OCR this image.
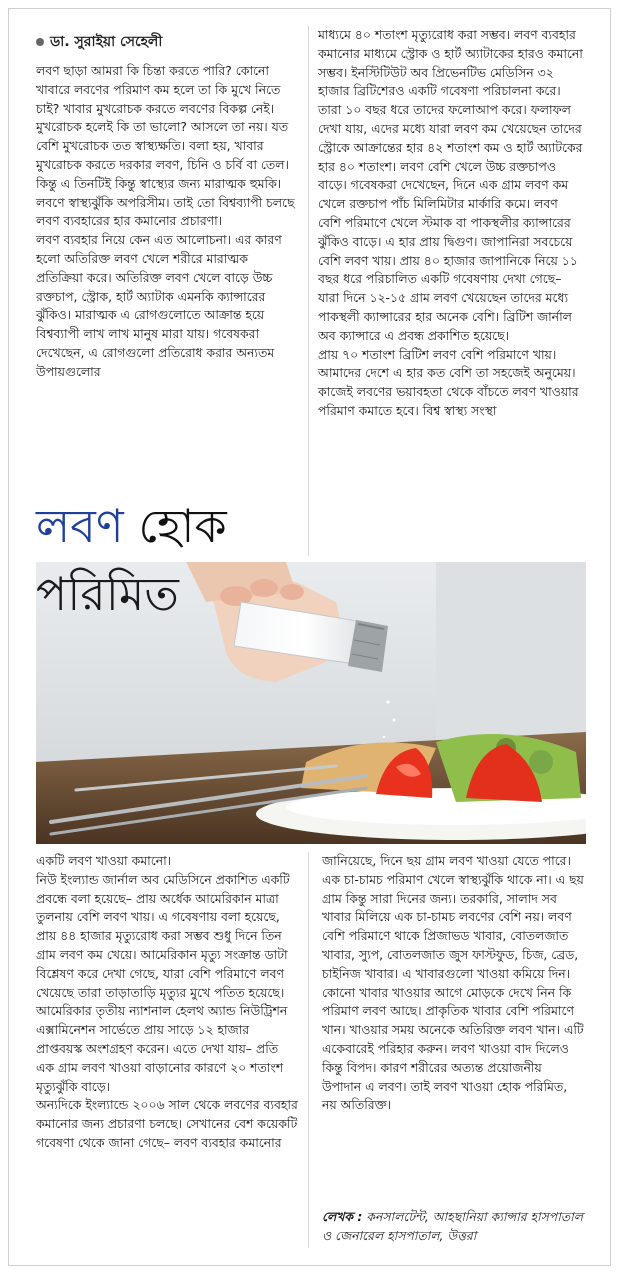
ডা. সুরাইয়া সেহেলী

লবণ ছাড়া আমরা কি চিন্তা করতে পারি? কোনো খাবারে লবণের পরিমাণ কম হলে তা কি মুখে নিতে চাই? খাবার মুখরোচক করতে লবণের বিকল্প নেই। মুখরোচক হলেই কি তা ভালো? আসলে তা নয়। যত বেশি মুখরোচক তত স্বাস্থ্যক্ষতি। বলা হয়, খাবার মুখরোচক করতে দরকার লবণ, চিনি ও চর্বি বা তেল। কিন্তু এ তিনটিই কিন্তু স্বাস্থ্যের জন্য মারাত্মক হুমকি।

লবণে স্বাস্থ্যঝুঁকি অপরিসীম। তাই তো বিশ্বব্যাপী চলছে লবণ ব্যবহারের হার কমানোর প্রচারণা।

লবণ ব্যবহার নিয়ে কেন এত আলোচনা। এর কারণ হলো অতিরিক্ত লবণ খেলে শরীরে মারাত্মক প্রতিক্রিয়া করে। অতিরিক্ত লবণ খেলে বাড়ে উচ্চ রক্তচাপ, স্ট্রোক, হার্ট অ্যাটাক এমনকি ক্যান্সারের ঝুঁকিও। মারাত্মক এ রোগগুলোতে আক্রান্ত হয়ে বিশ্বব্যাপী লাখ লাখ মানুষ মারা যায়। গবেষকরা দেখেছেন, এ রোগগুলো প্রতিরোধ করার অন্যতম উপায়গুলোর

মাধ্যমে ৪০ শতাংশ মৃত্যুরোধ করা সম্ভব। লবণ ব্যবহার কমানোর মাধ্যমে স্ট্রোক ও হার্ট অ্যাটাকের হারও কমানো সম্ভব। ইনস্টিটিউট অব প্রিভেনটিভ মেডিসিন ৩২ হাজার ব্রিটিশেরও একটি গবেষণা পরিচালনা করে। তারা ১০ বছর ধরে তাদের ফলোআপ করে। ফলাফল দেখা যায়, এদের মধ্যে যারা লবণ কম খেয়েছেন তাদের স্ট্রোকে আক্রান্তের হার ৪২ শতাংশ কম ও হার্ট অ্যাটকের হার ৪০ শতাংশ। লবণ বেশি খেলে উচ্চ রক্তচাপও বাড়ে। গবেষকরা দেখেছেন, দিনে এক গ্রাম লবণ কম খেলে রক্তচাপ পাঁচ মিলিমিটার মার্কারি কমে। লবণ বেশি পরিমাণে খেলে স্টমাক বা পাকস্থলীর ক্যান্সারের ঝুঁকিও বাড়ে। এ হার প্রায় দ্বিগুণ। জাপানিরা সবচেয়ে বেশি লবণ খায়। প্রায় ৪০ হাজার জাপানিকে নিয়ে ১১ বছর ধরে পরিচালিত একটি গবেষণায় দেখা গেছে– যারা দিনে ১২-১৫ গ্রাম লবণ খেয়েছেন তাদের মধ্যে পাকস্থলী ক্যান্সারের হার অনেক বেশি। ব্রিটিশ জার্নাল অব ক্যান্সারে এ প্রবন্ধ প্রকাশিত হয়েছে।

প্রায় ৭০ শতাংশ ব্রিটিশ লবণ বেশি পরিমাণে খায়। আমাদের দেশে এ হার কত বেশি তা সহজেই অনুমেয়। কাজেই লবণের ভয়াবহতা থেকে বাঁচতে লবণ খাওয়ার পরিমাণ কমাতে হবে। বিশ্ব স্বাস্থ্য সংস্থা

লবণ হোক
পরিমিত

একটি লবণ খাওয়া কমানো।

নিউ ইংল্যান্ড জার্নাল অব মেডিসিনে প্রকাশিত একটি প্রবন্ধে বলা হয়েছে– প্রায় অর্ধেক আমেরিকান মাত্রা তুলনায় বেশি লবণ খায়। এ গবেষণায় বলা হয়েছে, প্রায় ৪৪ হাজার মৃত্যুরোধ করা সম্ভব শুধু দিনে তিন গ্রাম লবণ কম খেয়ে। আমেরিকান মৃত্যু সংক্রান্ত ডাটা বিশ্লেষণ করে দেখা গেছে, যারা বেশি পরিমাণে লবণ খেয়েছে তারা তাড়াতাড়ি মৃত্যুর মুখে পতিত হয়েছে। আমেরিকার তৃতীয় ন্যাশনাল হেলথ অ্যান্ড নিউট্রিশন এক্সামিনেশন সার্ভেতে প্রায় সাড়ে ১২ হাজার প্রাপ্তবয়স্ক অংশগ্রহণ করেন। এতে দেখা যায়– প্রতি এক গ্রাম লবণ খাওয়া বাড়ানোর কারণে ২০ শতাংশ মৃত্যুঝুঁকি বাড়ে।

অন্যদিকে ইংল্যান্ডে ২০০৬ সাল থেকে লবণের ব্যবহার কমানোর জন্য প্রচারণা চলছে। সেখানের বেশ কয়েকটি গবেষণা থেকে জানা গেছে– লবণ ব্যবহার কমানোর

জানিয়েছে, দিনে ছয় গ্রাম লবণ খাওয়া যেতে পারে। এক চা-চামচ পরিমাণ খেলে স্বাস্থ্যঝুঁকি থাকে না। এ ছয় গ্রাম কিন্তু সারা দিনের জন্য। তরকারি, সালাদ সব খাবার মিলিয়ে এক চা-চামচ লবণের বেশি নয়। লবণ বেশি পরিমাণে থাকে প্রিজাভড খাবার, বোতলজাত খাবার, স্যুপ, বোতলজাত জুস ফাস্টফুড, চিজ, ব্রেড, চাইনিজ খাবার। এ খাবারগুলো খাওয়া কমিয়ে দিন। কোনো খাবার খাওয়ার আগে মোড়কে দেখে নিন কি পরিমাণ লবণ আছে। প্রাকৃতিক খাবার বেশি পরিমাণে খান। খাওয়ার সময় অনেকে অতিরিক্ত লবণ খান। এটি একেবারেই পরিহার করুন। লবণ খাওয়া বাদ দিলেও কিন্তু বিপদ। কারণ শরীরের অত্যন্ত প্রয়োজনীয় উপাদান এ লবণ। তাই লবণ খাওয়া হোক পরিমিত, নয় অতিরিক্ত।

লেখক : কনসালটেন্ট, আহছানিয়া ক্যান্সার হাসপাতাল ও জেনারেল হাসপাতাল, উত্তরা
